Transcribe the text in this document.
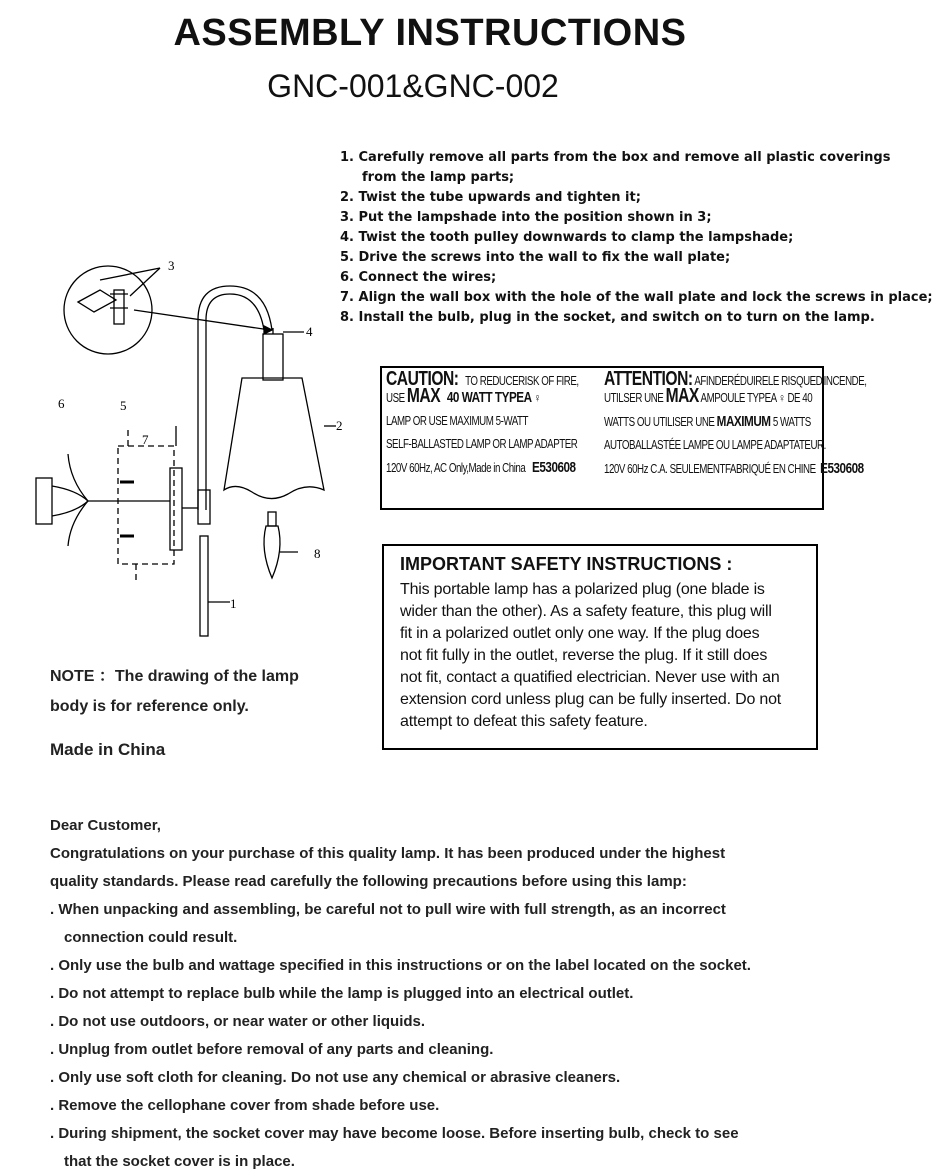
ASSEMBLY INSTRUCTIONS
GNC-001&GNC-002
3
4
2
6	5
7
8
1
1. Carefully remove all parts from the box and remove all plastic coverings
from the lamp parts;
2. Twist the tube upwards and tighten it;
3. Put the lampshade into the position shown in 3;
4. Twist the tooth pulley downwards to clamp the lampshade;
5. Drive the screws into the wall to fix the wall plate;
6. Connect the wires;
7. Align the wall box with the hole of the wall plate and lock the screws in place;
8. Install the bulb, plug in the socket, and switch on to turn on the lamp.
CAUTION: TO REDUCERISK OF FIRE,
USE MAX 40 WATT TYPEA ♀
LAMP OR USE MAXIMUM 5-WATT
SELF-BALLASTED LAMP OR LAMP ADAPTER
120V 60Hz, AC Only,Made in China E530608
ATTENTION: AFINDERÉDUIRELE RISQUED'INCENDE,
UTILSER UNE MAX AMPOULE TYPEA ♀ DE 40
WATTS OU UTILISER UNE MAXIMUM 5 WATTS
AUTOBALLASTÉE LAMPE OU LAMPE ADAPTATEUR.
120V 60Hz C.A. SEULEMENTFABRIQUÉ EN CHINE E530608
IMPORTANT SAFETY INSTRUCTIONS :
This portable lamp has a polarized plug (one blade is
wider than the other). As a safety feature, this plug will
fit in a polarized outlet only one way. If the plug does
not fit fully in the outlet, reverse the plug. If it still does
not fit, contact a quatified electrician. Never use with an
extension cord unless plug can be fully inserted. Do not
attempt to defeat this safety feature.
NOTE ：The drawing of the lamp
body is for reference only.
Made in China
Dear Customer,
Congratulations on your purchase of this quality lamp. It has been produced under the highest
quality standards. Please read carefully the following precautions before using this lamp:
. When unpacking and assembling, be careful not to pull wire with full strength, as an incorrect
connection could result.
. Only use the bulb and wattage specified in this instructions or on the label located on the socket.
. Do not attempt to replace bulb while the lamp is plugged into an electrical outlet.
. Do not use outdoors, or near water or other liquids.
. Unplug from outlet before removal of any parts and cleaning.
. Only use soft cloth for cleaning. Do not use any chemical or abrasive cleaners.
. Remove the cellophane cover from shade before use.
. During shipment, the socket cover may have become loose. Before inserting bulb, check to see
that the socket cover is in place.
